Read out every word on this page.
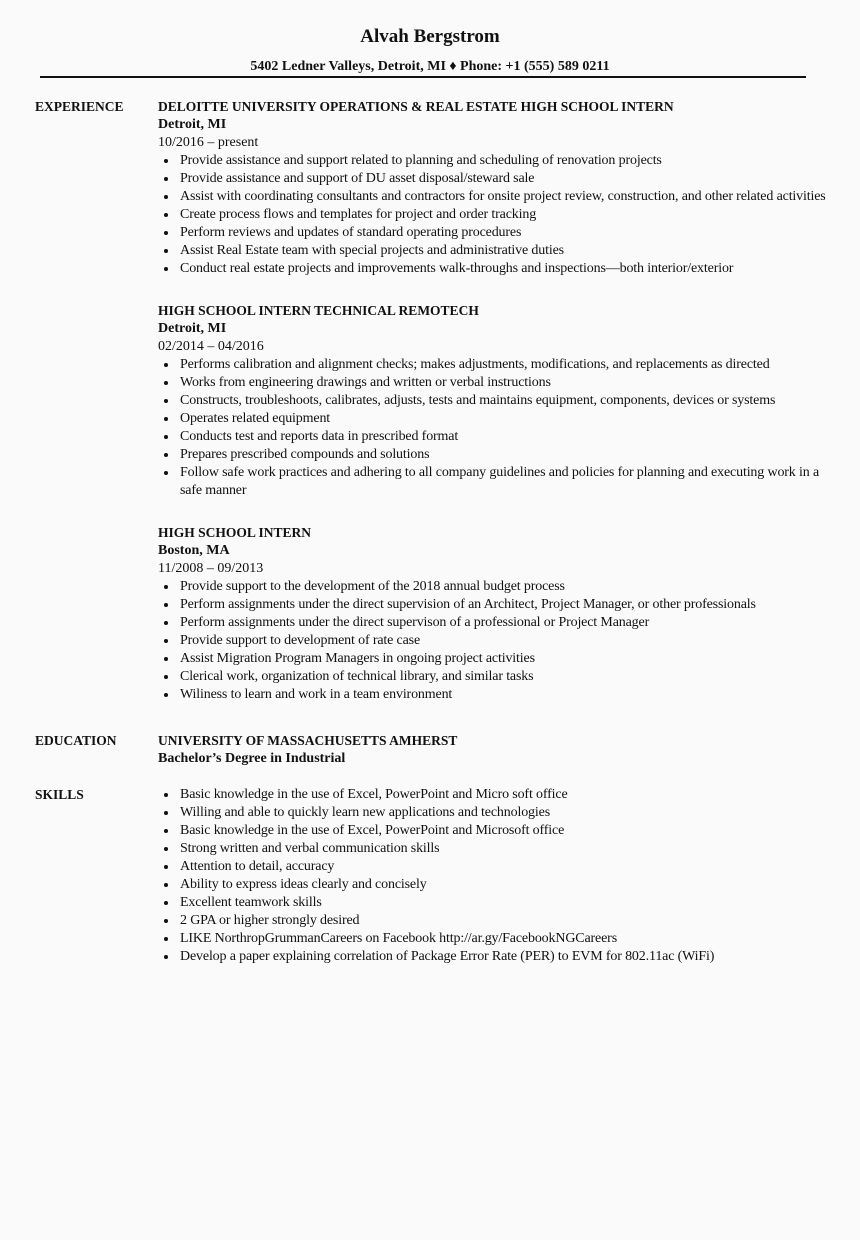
Alvah Bergstrom
5402 Ledner Valleys, Detroit, MI ♦ Phone: +1 (555) 589 0211
EXPERIENCE	DELOITTE UNIVERSITY OPERATIONS & REAL ESTATE HIGH SCHOOL INTERN
Detroit, MI
10/2016 – present
Provide assistance and support related to planning and scheduling of renovation projects
Provide assistance and support of DU asset disposal/steward sale
Assist with coordinating consultants and contractors for onsite project review, construction, and other related activities
Create process flows and templates for project and order tracking
Perform reviews and updates of standard operating procedures
Assist Real Estate team with special projects and administrative duties
Conduct real estate projects and improvements walk-throughs and inspections—both interior/exterior
HIGH SCHOOL INTERN TECHNICAL REMOTECH
Detroit, MI
02/2014 – 04/2016
Performs calibration and alignment checks; makes adjustments, modifications, and replacements as directed
Works from engineering drawings and written or verbal instructions
Constructs, troubleshoots, calibrates, adjusts, tests and maintains equipment, components, devices or systems
Operates related equipment
Conducts test and reports data in prescribed format
Prepares prescribed compounds and solutions
Follow safe work practices and adhering to all company guidelines and policies for planning and executing work in a safe manner
HIGH SCHOOL INTERN
Boston, MA
11/2008 – 09/2013
Provide support to the development of the 2018 annual budget process
Perform assignments under the direct supervision of an Architect, Project Manager, or other professionals
Perform assignments under the direct supervison of a professional or Project Manager
Provide support to development of rate case
Assist Migration Program Managers in ongoing project activities
Clerical work, organization of technical library, and similar tasks
Wiliness to learn and work in a team environment
EDUCATION	UNIVERSITY OF MASSACHUSETTS AMHERST
Bachelor’s Degree in Industrial
SKILLS	Basic knowledge in the use of Excel, PowerPoint and Micro soft office
Willing and able to quickly learn new applications and technologies
Basic knowledge in the use of Excel, PowerPoint and Microsoft office
Strong written and verbal communication skills
Attention to detail, accuracy
Ability to express ideas clearly and concisely
Excellent teamwork skills
2 GPA or higher strongly desired
LIKE NorthropGrummanCareers on Facebook http://ar.gy/FacebookNGCareers
Develop a paper explaining correlation of Package Error Rate (PER) to EVM for 802.11ac (WiFi)
